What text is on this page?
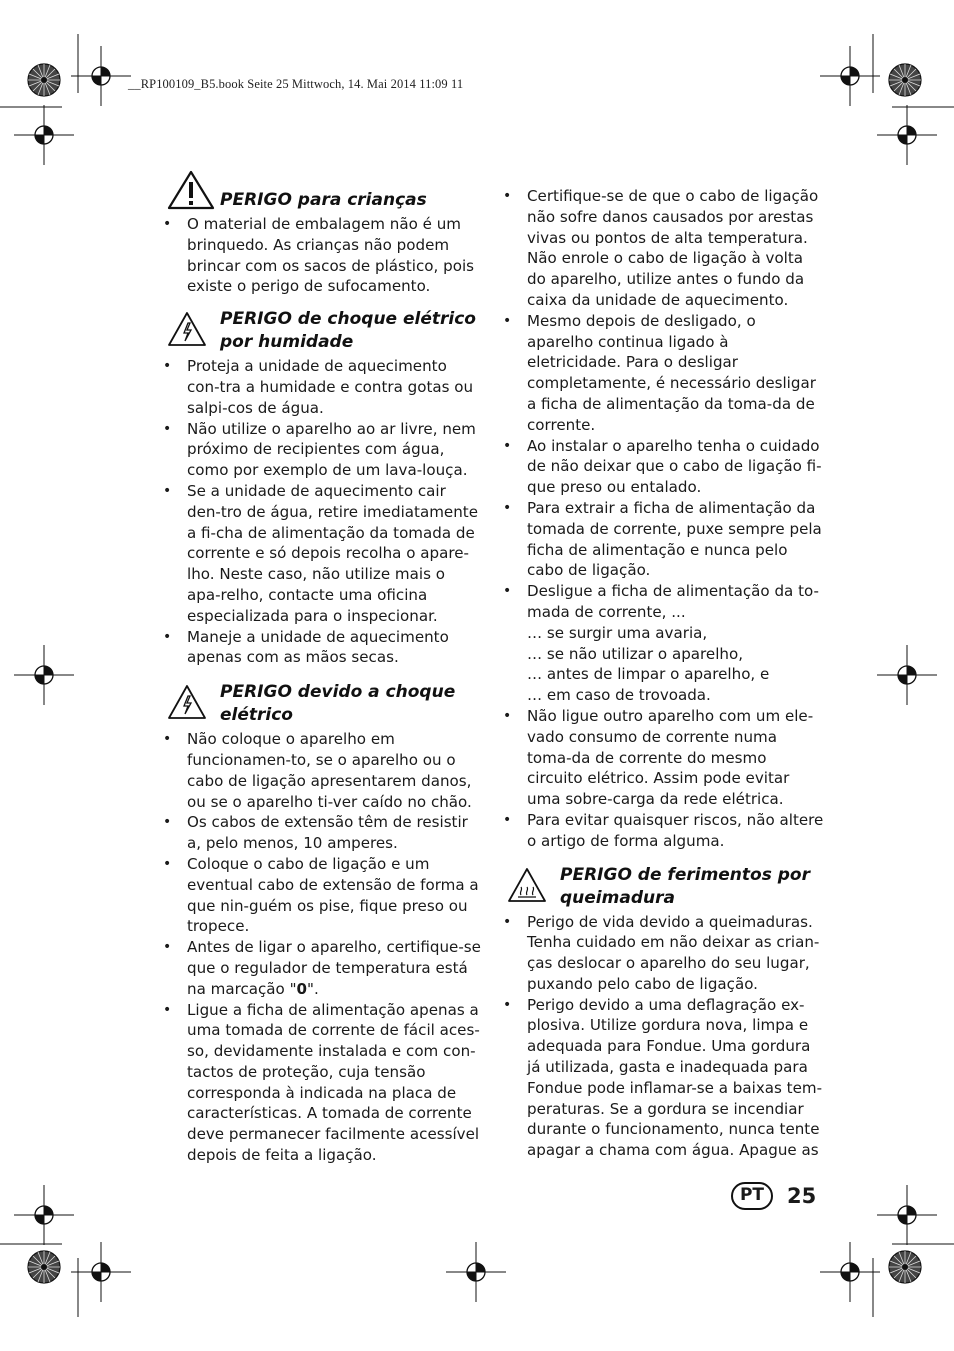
__RP100109_B5.book Seite 25 Mittwoch, 14. Mai 2014 11:09 11
PERIGO para crianças
• O material de embalagem não é um brinquedo. As crianças não podem brincar com os sacos de plástico, pois existe o perigo de sufocamento.
PERIGO de choque elétrico
por humidade
• Proteja a unidade de aquecimento con-tra a humidade e contra gotas ou salpi-cos de água.
• Não utilize o aparelho ao ar livre, nem próximo de recipientes com água, como por exemplo de um lava-louça.
• Se a unidade de aquecimento cair den-tro de água, retire imediatamente a fi-cha de alimentação da tomada de corrente e só depois recolha o apare-lho. Neste caso, não utilize mais o apa-relho, contacte uma oficina especializada para o inspecionar.
• Maneje a unidade de aquecimento apenas com as mãos secas.
PERIGO devido a choque
elétrico
• Não coloque o aparelho em funcionamen-to, se o aparelho ou o cabo de ligação apresentarem danos, ou se o aparelho ti-ver caído no chão.
• Os cabos de extensão têm de resistir a, pelo menos, 10 amperes.
• Coloque o cabo de ligação e um eventual cabo de extensão de forma a que nin-guém os pise, fique preso ou tropece.
• Antes de ligar o aparelho, certifique-se que o regulador de temperatura está na marcação "0".
• Ligue a ficha de alimentação apenas a uma tomada de corrente de fácil aces-so, devidamente instalada e com con-tactos de proteção, cuja tensão corresponda à indicada na placa de características. A tomada de corrente deve permanecer facilmente acessível depois de feita a ligação.
• Certifique-se de que o cabo de ligação não sofre danos causados por arestas vivas ou pontos de alta temperatura. Não enrole o cabo de ligação à volta do aparelho, utilize antes o fundo da caixa da unidade de aquecimento.
• Mesmo depois de desligado, o aparelho continua ligado à eletricidade. Para o desligar completamente, é necessário desligar a ficha de alimentação da toma-da de corrente.
• Ao instalar o aparelho tenha o cuidado de não deixar que o cabo de ligação fi-que preso ou entalado.
• Para extrair a ficha de alimentação da tomada de corrente, puxe sempre pela ficha de alimentação e nunca pelo cabo de ligação.
• Desligue a ficha de alimentação da to-mada de corrente, ...
… se surgir uma avaria,
… se não utilizar o aparelho,
… antes de limpar o aparelho, e
… em caso de trovoada.
• Não ligue outro aparelho com um ele-vado consumo de corrente numa toma-da de corrente do mesmo circuito elétrico. Assim pode evitar uma sobre-carga da rede elétrica.
• Para evitar quaisquer riscos, não altere o artigo de forma alguma.
PERIGO de ferimentos por
queimadura
• Perigo de vida devido a queimaduras. Tenha cuidado em não deixar as crian-ças deslocar o aparelho do seu lugar, puxando pelo cabo de ligação.
• Perigo devido a uma deflagração ex-plosiva. Utilize gordura nova, limpa e adequada para Fondue. Uma gordura já utilizada, gasta e inadequada para Fondue pode inflamar-se a baixas tem-peraturas. Se a gordura se incendiar durante o funcionamento, nunca tente apagar a chama com água. Apague as
PT	25
